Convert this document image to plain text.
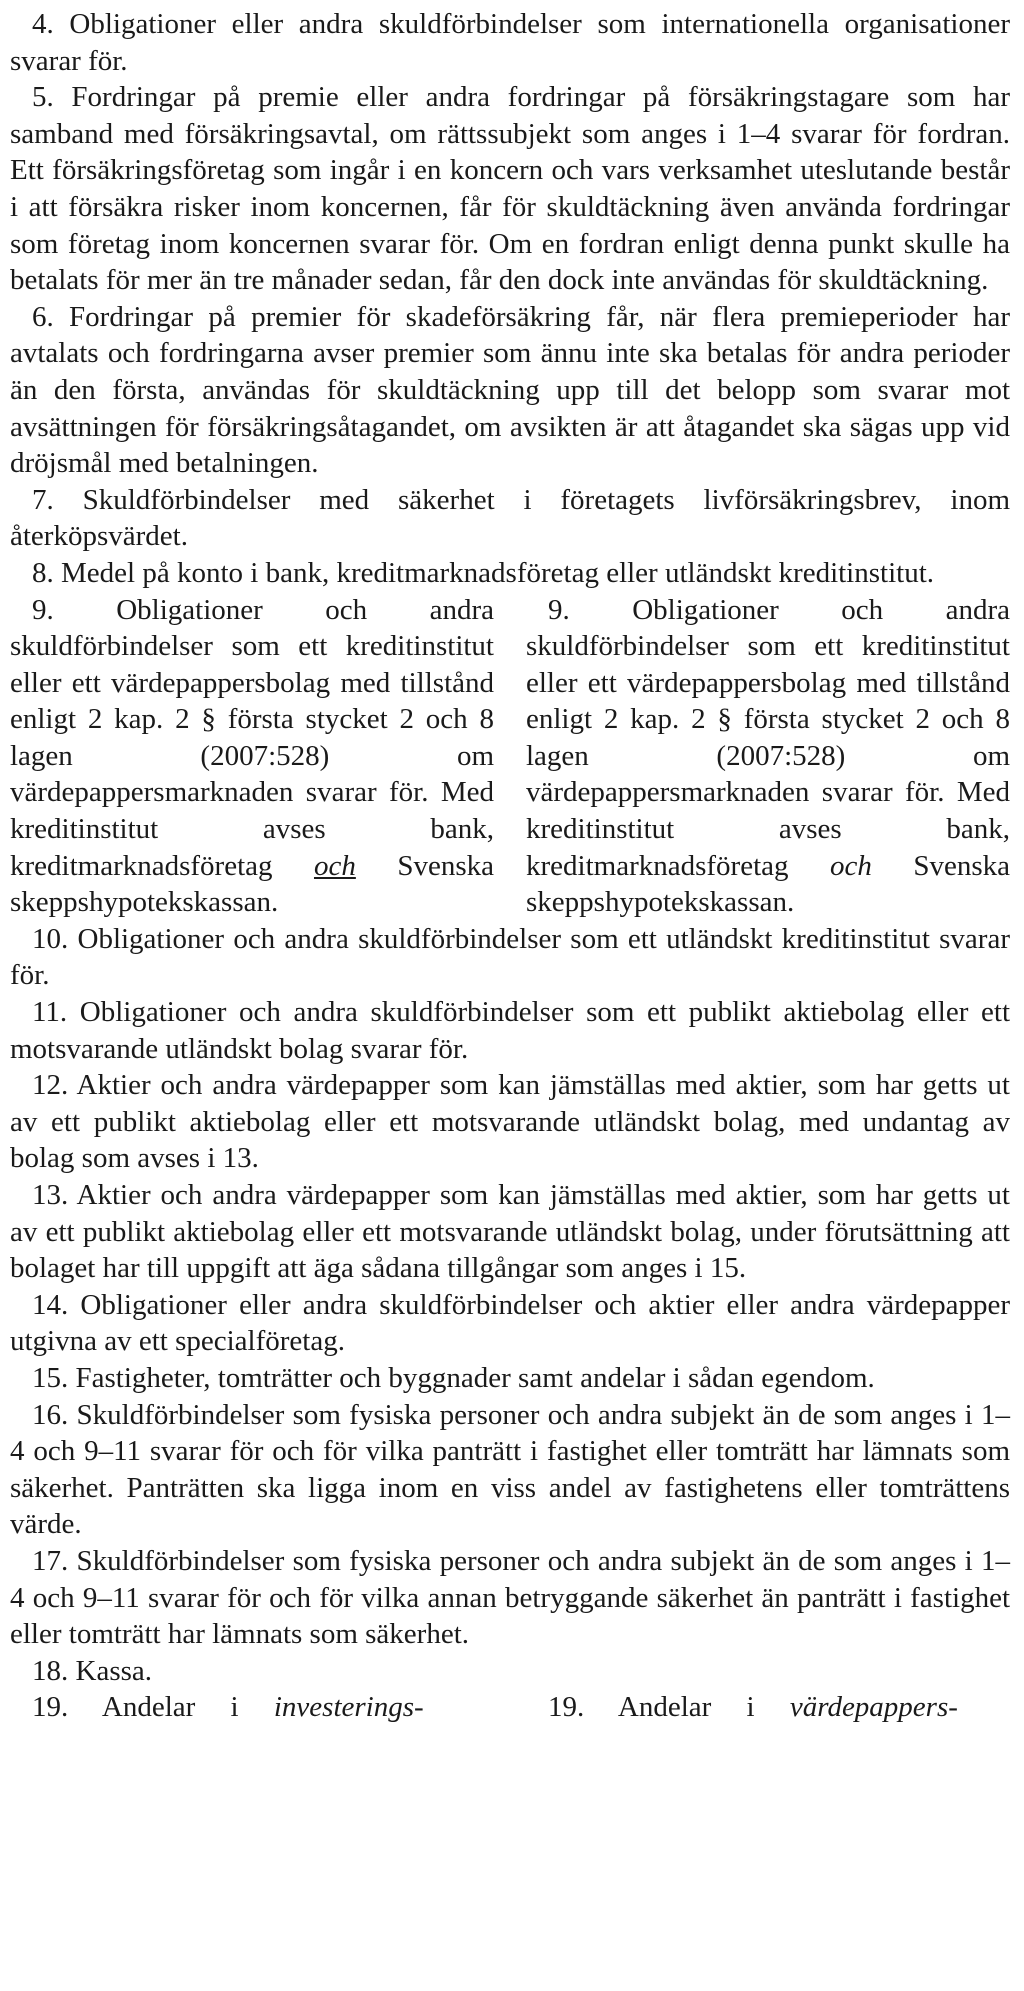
4. Obligationer eller andra skuldförbindelser som internationella organisationer svarar för.

5. Fordringar på premie eller andra fordringar på försäkringstagare som har samband med försäkringsavtal, om rättssubjekt som anges i 1–4 svarar för fordran. Ett försäkringsföretag som ingår i en koncern och vars verksamhet uteslutande består i att försäkra risker inom koncernen, får för skuldtäckning även använda fordringar som företag inom koncernen svarar för. Om en fordran enligt denna punkt skulle ha betalats för mer än tre månader sedan, får den dock inte användas för skuldtäckning.

6. Fordringar på premier för skadeförsäkring får, när flera premieperioder har avtalats och fordringarna avser premier som ännu inte ska betalas för andra perioder än den första, användas för skuldtäckning upp till det belopp som svarar mot avsättningen för försäkringsåtagandet, om avsikten är att åtagandet ska sägas upp vid dröjsmål med betalningen.

7. Skuldförbindelser med säkerhet i företagets livförsäkringsbrev, inom återköpsvärdet.

8. Medel på konto i bank, kreditmarknadsföretag eller utländskt kreditinstitut.

9. Obligationer och andra skuldförbindelser som ett kreditinstitut eller ett värdepappersbolag med tillstånd enligt 2 kap. 2 § första stycket 2 och 8 lagen (2007:528) om värdepappersmarknaden svarar för. Med kreditinstitut avses bank, kreditmarknadsföretag och Svenska skeppshypotekskassan.

9. Obligationer och andra skuldförbindelser som ett kreditinstitut eller ett värdepappersbolag med tillstånd enligt 2 kap. 2 § första stycket 2 och 8 lagen (2007:528) om värdepappersmarknaden svarar för. Med kreditinstitut avses bank, kreditmarknadsföretag och Svenska skeppshypotekskassan.

10. Obligationer och andra skuldförbindelser som ett utländskt kreditinstitut svarar för.

11. Obligationer och andra skuldförbindelser som ett publikt aktiebolag eller ett motsvarande utländskt bolag svarar för.

12. Aktier och andra värdepapper som kan jämställas med aktier, som har getts ut av ett publikt aktiebolag eller ett motsvarande utländskt bolag, med undantag av bolag som avses i 13.

13. Aktier och andra värdepapper som kan jämställas med aktier, som har getts ut av ett publikt aktiebolag eller ett motsvarande utländskt bolag, under förutsättning att bolaget har till uppgift att äga sådana tillgångar som anges i 15.

14. Obligationer eller andra skuldförbindelser och aktier eller andra värdepapper utgivna av ett specialföretag.

15. Fastigheter, tomträtter och byggnader samt andelar i sådan egendom.

16. Skuldförbindelser som fysiska personer och andra subjekt än de som anges i 1–4 och 9–11 svarar för och för vilka panträtt i fastighet eller tomträtt har lämnats som säkerhet. Panträtten ska ligga inom en viss andel av fastighetens eller tomträttens värde.

17. Skuldförbindelser som fysiska personer och andra subjekt än de som anges i 1–4 och 9–11 svarar för och för vilka annan betryggande säkerhet än panträtt i fastighet eller tomträtt har lämnats som säkerhet.

18. Kassa.

19. Andelar i investerings-	19. Andelar i värdepappers-
